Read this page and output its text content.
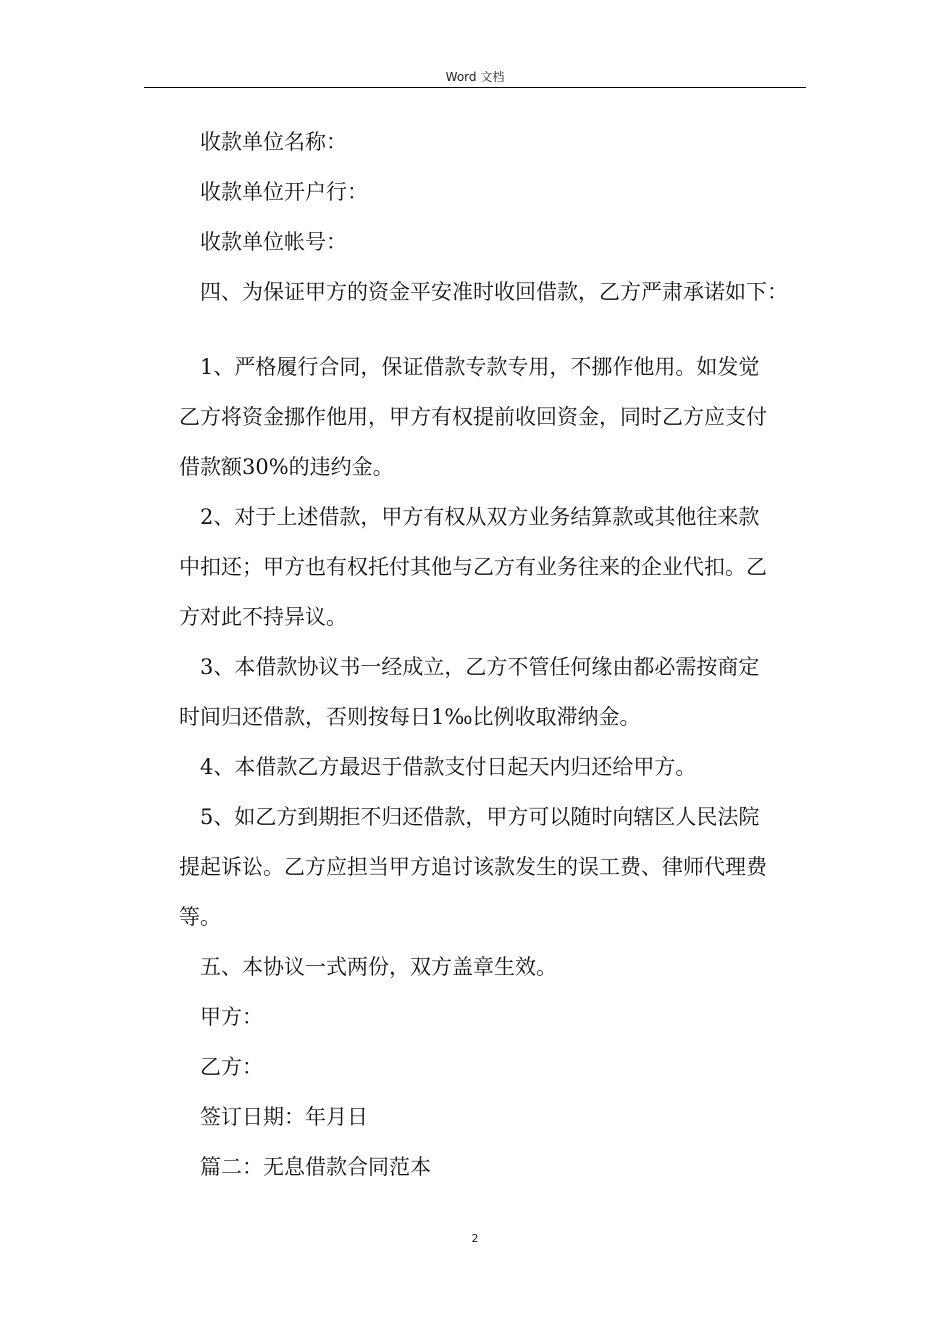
Word 文档

收款单位名称：

收款单位开户行：

收款单位帐号：

四、为保证甲方的资金平安准时收回借款，乙方严肃承诺如下：

1、严格履行合同，保证借款专款专用，不挪作他用。如发觉

乙方将资金挪作他用，甲方有权提前收回资金，同时乙方应支付

借款额30%的违约金。

2、对于上述借款，甲方有权从双方业务结算款或其他往来款

中扣还；甲方也有权托付其他与乙方有业务往来的企业代扣。乙

方对此不持异议。

3、本借款协议书一经成立，乙方不管任何缘由都必需按商定

时间归还借款，否则按每日1‰比例收取滞纳金。

4、本借款乙方最迟于借款支付日起天内归还给甲方。

5、如乙方到期拒不归还借款，甲方可以随时向辖区人民法院

提起诉讼。乙方应担当甲方追讨该款发生的误工费、律师代理费

等。

五、本协议一式两份，双方盖章生效。

甲方：

乙方：

签订日期：年月日

篇二：无息借款合同范本

2
